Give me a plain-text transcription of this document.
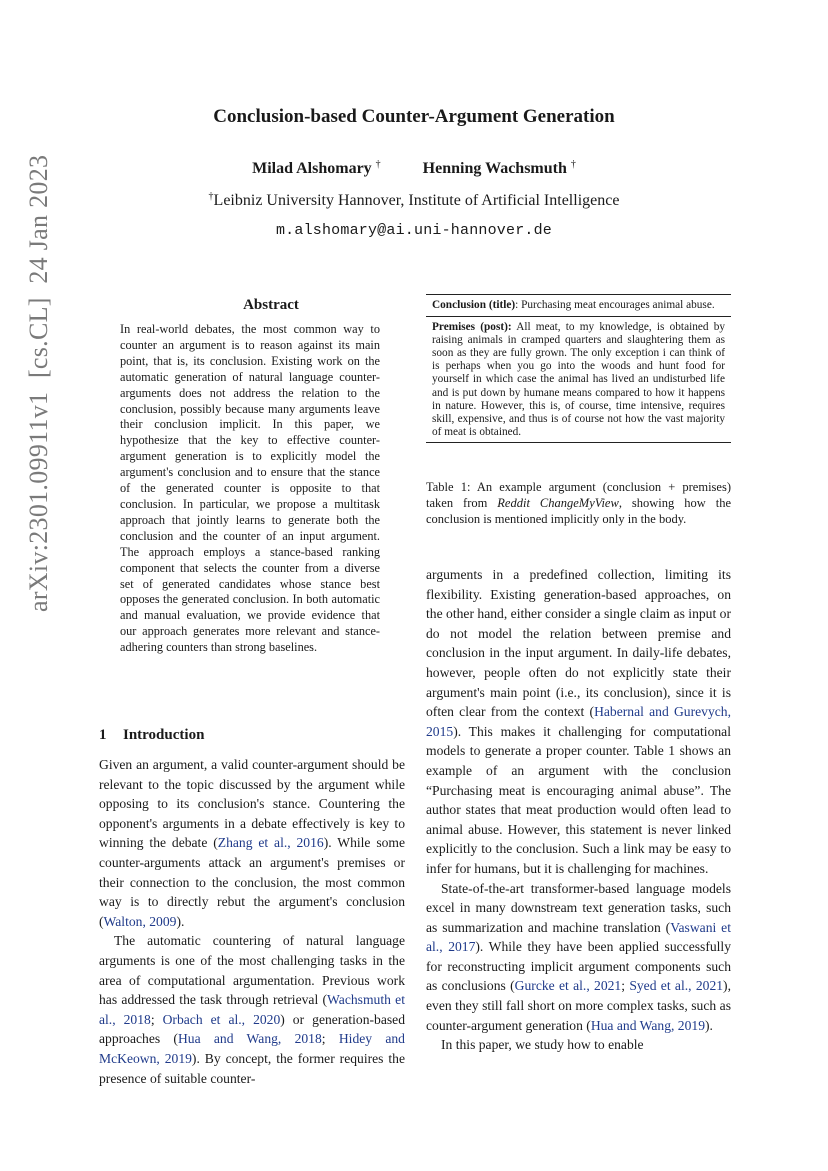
Conclusion-based Counter-Argument Generation
Milad Alshomary †	Henning Wachsmuth †
†Leibniz University Hannover, Institute of Artificial Intelligence
m.alshomary@ai.uni-hannover.de
arXiv:2301.09911v1  [cs.CL]  24 Jan 2023	Abstract
In real-world debates, the most common way to counter an argument is to reason against its main point, that is, its conclusion. Existing work on the automatic generation of natural language counter-arguments does not address the relation to the conclusion, possibly because many arguments leave their conclusion implicit. In this paper, we hypothesize that the key to effective counter-argument generation is to explicitly model the argument's conclusion and to ensure that the stance of the generated counter is opposite to that conclusion. In particular, we propose a multitask approach that jointly learns to generate both the conclusion and the counter of an input argument. The approach employs a stance-based ranking component that selects the counter from a diverse set of generated candidates whose stance best opposes the generated conclusion. In both automatic and manual evaluation, we provide evidence that our approach generates more relevant and stance-adhering counters than strong baselines.
1 Introduction

Given an argument, a valid counter-argument should be relevant to the topic discussed by the argument while opposing to its conclusion's stance. Countering the opponent's arguments in a debate effectively is key to winning the debate (Zhang et al., 2016). While some counter-arguments attack an argument's premises or their connection to the conclusion, the most common way is to directly rebut the argument's conclusion (Walton, 2009).

The automatic countering of natural language arguments is one of the most challenging tasks in the area of computational argumentation. Previous work has addressed the task through retrieval (Wachsmuth et al., 2018; Orbach et al., 2020) or generation-based approaches (Hua and Wang, 2018; Hidey and McKeown, 2019). By concept, the former requires the presence of suitable counter-

Conclusion (title): Purchasing meat encourages animal abuse.
Premises (post): All meat, to my knowledge, is obtained by raising animals in cramped quarters and slaughtering them as soon as they are fully grown. The only exception i can think of is perhaps when you go into the woods and hunt food for yourself in which case the animal has lived an undisturbed life and is put down by humane means compared to how it happens in nature. However, this is, of course, time intensive, requires skill, expensive, and thus is of course not how the vast majority of meat is obtained.
Table 1: An example argument (conclusion + premises) taken from Reddit ChangeMyView, showing how the conclusion is mentioned implicitly only in the body.

arguments in a predefined collection, limiting its flexibility. Existing generation-based approaches, on the other hand, either consider a single claim as input or do not model the relation between premise and conclusion in the input argument. In daily-life debates, however, people often do not explicitly state their argument's main point (i.e., its conclusion), since it is often clear from the context (Habernal and Gurevych, 2015). This makes it challenging for computational models to generate a proper counter. Table 1 shows an example of an argument with the conclusion “Purchasing meat is encouraging animal abuse”. The author states that meat production would often lead to animal abuse. However, this statement is never linked explicitly to the conclusion. Such a link may be easy to infer for humans, but it is challenging for machines.

State-of-the-art transformer-based language models excel in many downstream text generation tasks, such as summarization and machine translation (Vaswani et al., 2017). While they have been applied successfully for reconstructing implicit argument components such as conclusions (Gurcke et al., 2021; Syed et al., 2021), even they still fall short on more complex tasks, such as counter-argument generation (Hua and Wang, 2019).

In this paper, we study how to enable
